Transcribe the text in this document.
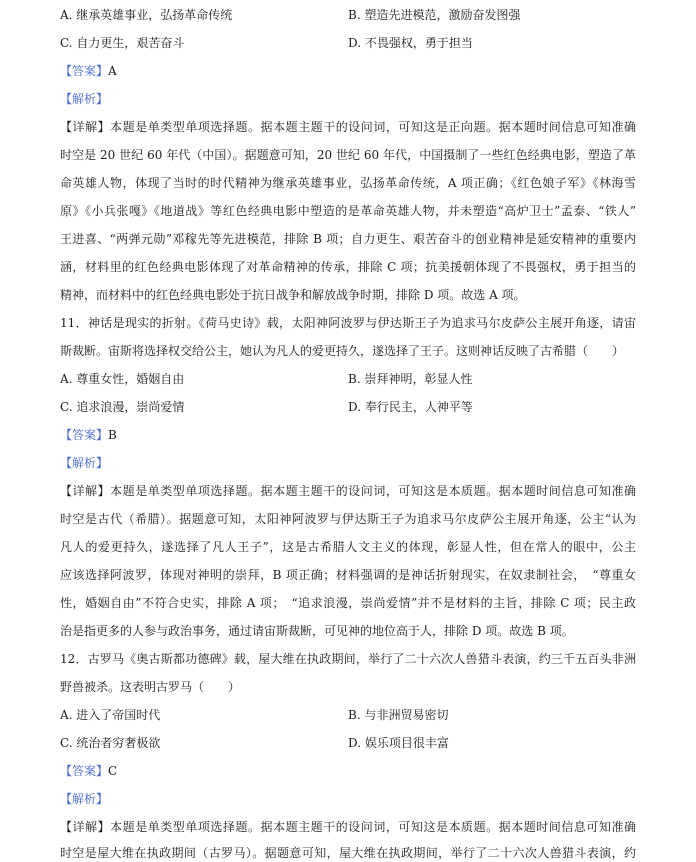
A. 继承英雄事业，弘扬革命传统	B. 塑造先进模范，激励奋发图强
C. 自力更生，艰苦奋斗	D. 不畏强权，勇于担当
【答案】A
【解析】
【详解】本题是单类型单项选择题。据本题主题干的设问词，可知这是正向题。据本题时间信息可知准确
时空是 20 世纪 60 年代（中国）。据题意可知，20 世纪 60 年代，中国摄制了一些红色经典电影，塑造了革
命英雄人物，体现了当时的时代精神为继承英雄事业，弘扬革命传统，A 项正确；《红色娘子军》《林海雪
原》《小兵张嘎》《地道战》等红色经典电影中塑造的是革命英雄人物，并未塑造“高炉卫士”孟泰、“铁人”
王进喜、“两弹元勋”邓稼先等先进模范，排除 B 项；自力更生、艰苦奋斗的创业精神是延安精神的重要内
涵，材料里的红色经典电影体现了对革命精神的传承，排除 C 项；抗美援朝体现了不畏强权，勇于担当的
精神，而材料中的红色经典电影处于抗日战争和解放战争时期，排除 D 项。故选 A 项。
11．神话是现实的折射。《荷马史诗》载，太阳神阿波罗与伊达斯王子为追求马尔皮萨公主展开角逐，请宙
斯裁断。宙斯将选择权交给公主，她认为凡人的爱更持久，遂选择了王子。这则神话反映了古希腊（　　）
A. 尊重女性，婚姻自由	B. 崇拜神明，彰显人性
C. 追求浪漫，崇尚爱情	D. 奉行民主，人神平等
【答案】B
【解析】
【详解】本题是单类型单项选择题。据本题主题干的设问词，可知这是本质题。据本题时间信息可知准确
时空是古代（希腊）。据题意可知，太阳神阿波罗与伊达斯王子为追求马尔皮萨公主展开角逐，公主“认为
凡人的爱更持久，遂选择了凡人王子”，这是古希腊人文主义的体现，彰显人性，但在常人的眼中，公主
应该选择阿波罗，体现对神明的崇拜，B 项正确；材料强调的是神话折射现实，在奴隶制社会，　“尊重女
性，婚姻自由”不符合史实，排除 A 项；　“追求浪漫，崇尚爱情”并不是材料的主旨，排除 C 项；民主政
治是指更多的人参与政治事务，通过请宙斯裁断，可见神的地位高于人，排除 D 项。故选 B 项。
12．古罗马《奥古斯都功德碑》载，屋大维在执政期间，举行了二十六次人兽猎斗表演，约三千五百头非洲
野兽被杀。这表明古罗马（　　）
A. 进入了帝国时代	B. 与非洲贸易密切
C. 统治者穷奢极欲	D. 娱乐项目很丰富
【答案】C
【解析】
【详解】本题是单类型单项选择题。据本题主题干的设问词，可知这是本质题。据本题时间信息可知准确
时空是屋大维在执政期间（古罗马）。据题意可知，屋大维在执政期间，举行了二十六次人兽猎斗表演，约
